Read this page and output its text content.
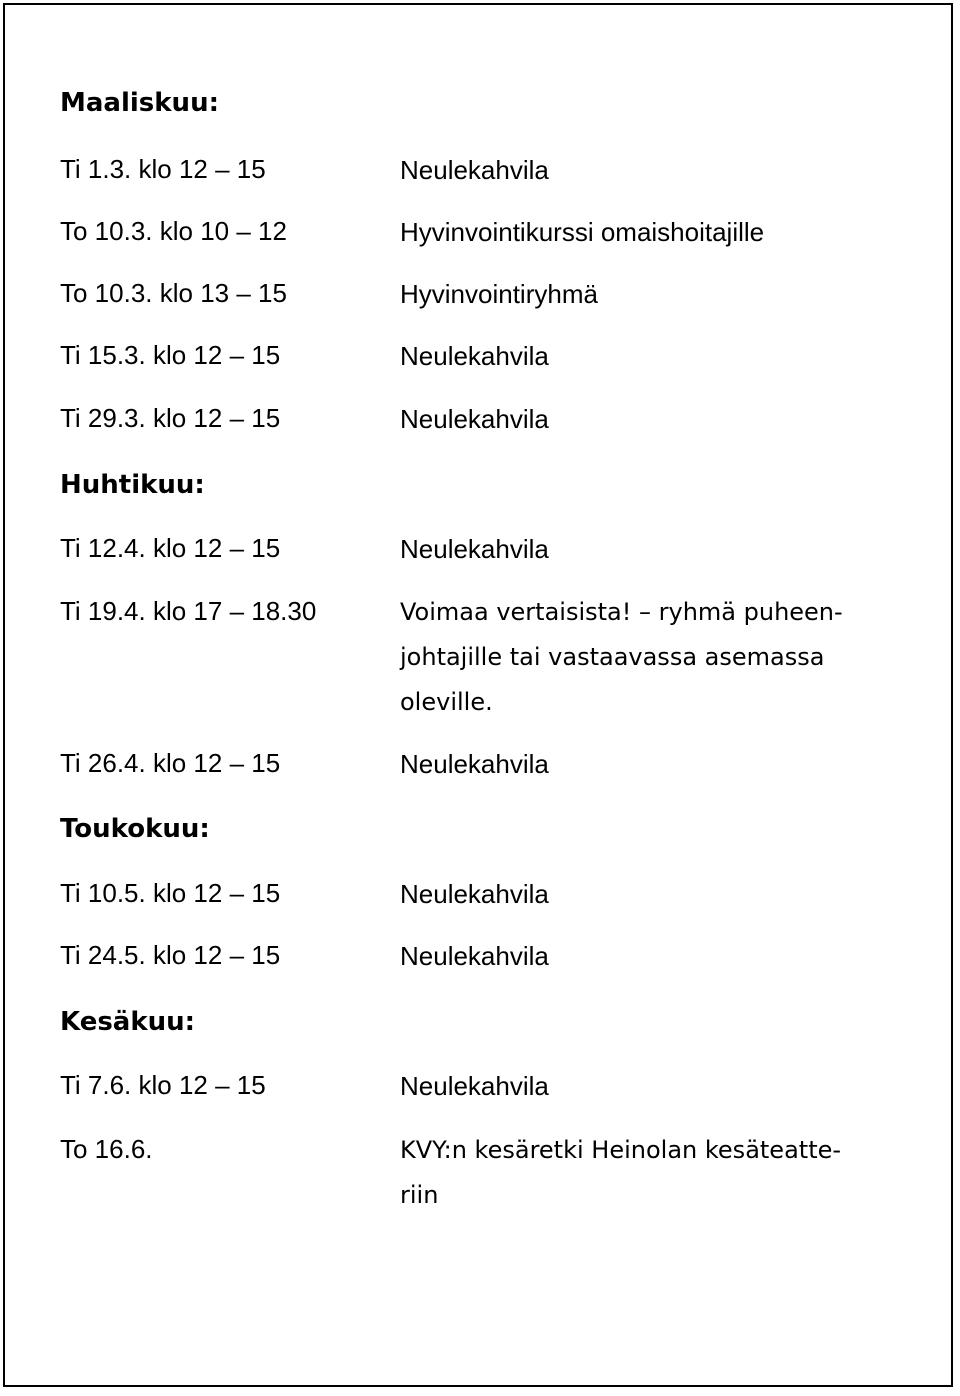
Maaliskuu:
Ti 1.3. klo 12 – 15	Neulekahvila
To 10.3. klo 10 – 12	Hyvinvointikurssi omaishoitajille
To 10.3. klo 13 – 15	Hyvinvointiryhmä
Ti 15.3. klo 12 – 15	Neulekahvila
Ti 29.3. klo 12 – 15	Neulekahvila
Huhtikuu:
Ti 12.4. klo 12 – 15	Neulekahvila
Ti 19.4. klo 17 – 18.30	Voimaa vertaisista! – ryhmä puheen-johtajille tai vastaavassa asemassa oleville.
Ti 26.4. klo 12 – 15	Neulekahvila
Toukokuu:
Ti 10.5. klo 12 – 15	Neulekahvila
Ti 24.5. klo 12 – 15	Neulekahvila
Kesäkuu:
Ti 7.6. klo 12 – 15	Neulekahvila
To 16.6.	KVY:n kesäretki Heinolan kesäteatte-riin
